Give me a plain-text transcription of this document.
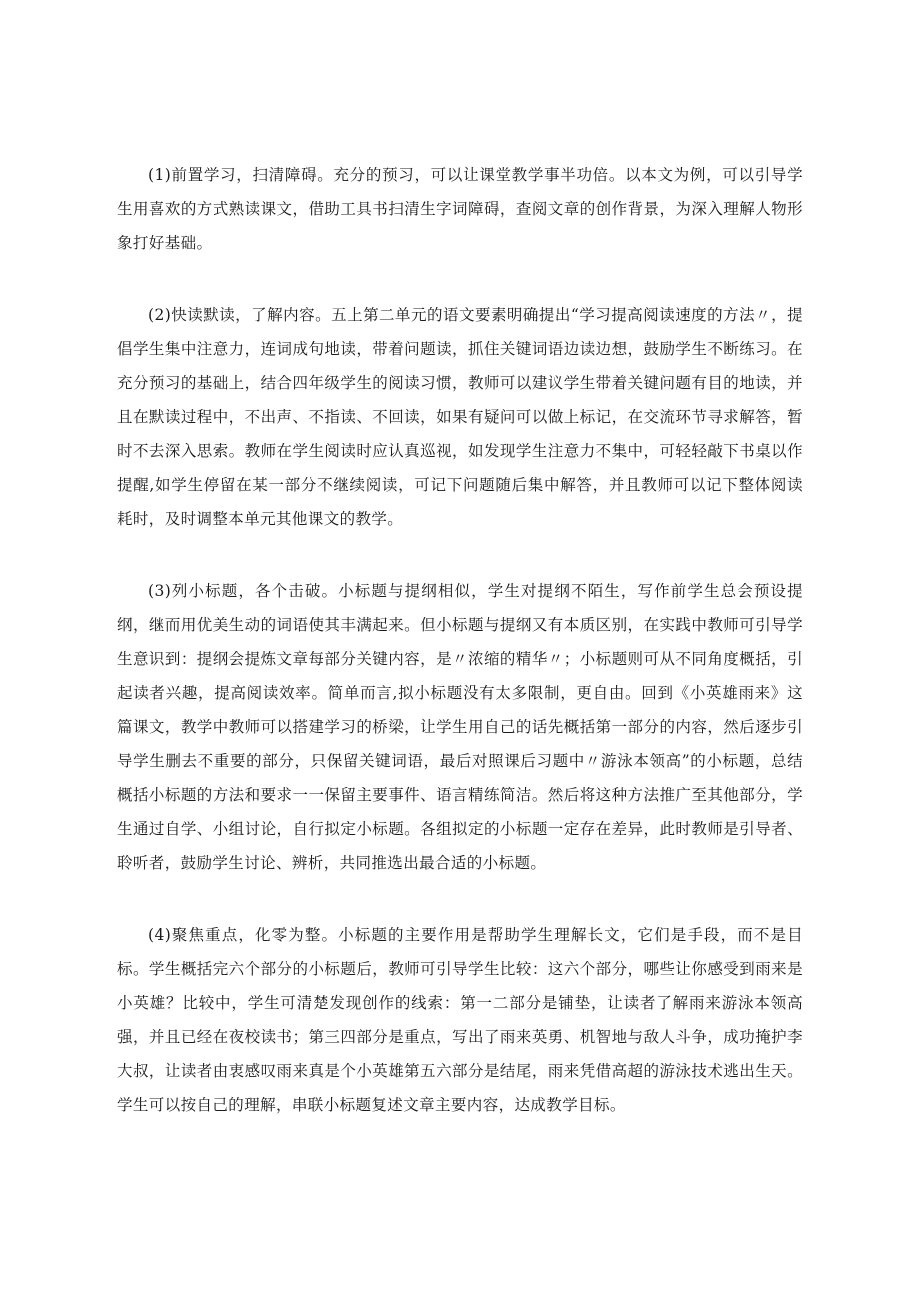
(1)前置学习，扫清障碍。充分的预习，可以让课堂教学事半功倍。以本文为例，可以引导学生用喜欢的方式熟读课文，借助工具书扫清生字词障碍，查阅文章的创作背景，为深入理解人物形象打好基础。

(2)快读默读，了解内容。五上第二单元的语文要素明确提出“学习提高阅读速度的方法〃，提倡学生集中注意力，连词成句地读，带着问题读，抓住关键词语边读边想，鼓励学生不断练习。在充分预习的基础上，结合四年级学生的阅读习惯，教师可以建议学生带着关键问题有目的地读，并且在默读过程中，不出声、不指读、不回读，如果有疑问可以做上标记，在交流环节寻求解答，暂时不去深入思索。教师在学生阅读时应认真巡视，如发现学生注意力不集中，可轻轻敲下书桌以作提醒,如学生停留在某一部分不继续阅读，可记下问题随后集中解答，并且教师可以记下整体阅读耗时，及时调整本单元其他课文的教学。

(3)列小标题，各个击破。小标题与提纲相似，学生对提纲不陌生，写作前学生总会预设提纲，继而用优美生动的词语使其丰满起来。但小标题与提纲又有本质区别，在实践中教师可引导学生意识到：提纲会提炼文章每部分关键内容，是〃浓缩的精华〃；小标题则可从不同角度概括，引起读者兴趣，提高阅读效率。简单而言,拟小标题没有太多限制，更自由。回到《小英雄雨来》这篇课文，教学中教师可以搭建学习的桥梁，让学生用自己的话先概括第一部分的内容，然后逐步引导学生删去不重要的部分，只保留关键词语，最后对照课后习题中〃游泳本领高”的小标题，总结概括小标题的方法和要求一一保留主要事件、语言精练简洁。然后将这种方法推广至其他部分，学生通过自学、小组讨论，自行拟定小标题。各组拟定的小标题一定存在差异，此时教师是引导者、聆听者，鼓励学生讨论、辨析，共同推选出最合适的小标题。

(4)聚焦重点，化零为整。小标题的主要作用是帮助学生理解长文，它们是手段，而不是目标。学生概括完六个部分的小标题后，教师可引导学生比较：这六个部分，哪些让你感受到雨来是小英雄？比较中，学生可清楚发现创作的线索：第一二部分是铺垫，让读者了解雨来游泳本领高强，并且已经在夜校读书；第三四部分是重点，写出了雨来英勇、机智地与敌人斗争，成功掩护李大叔，让读者由衷感叹雨来真是个小英雄第五六部分是结尾，雨来凭借高超的游泳技术逃出生天。学生可以按自己的理解，串联小标题复述文章主要内容，达成教学目标。
